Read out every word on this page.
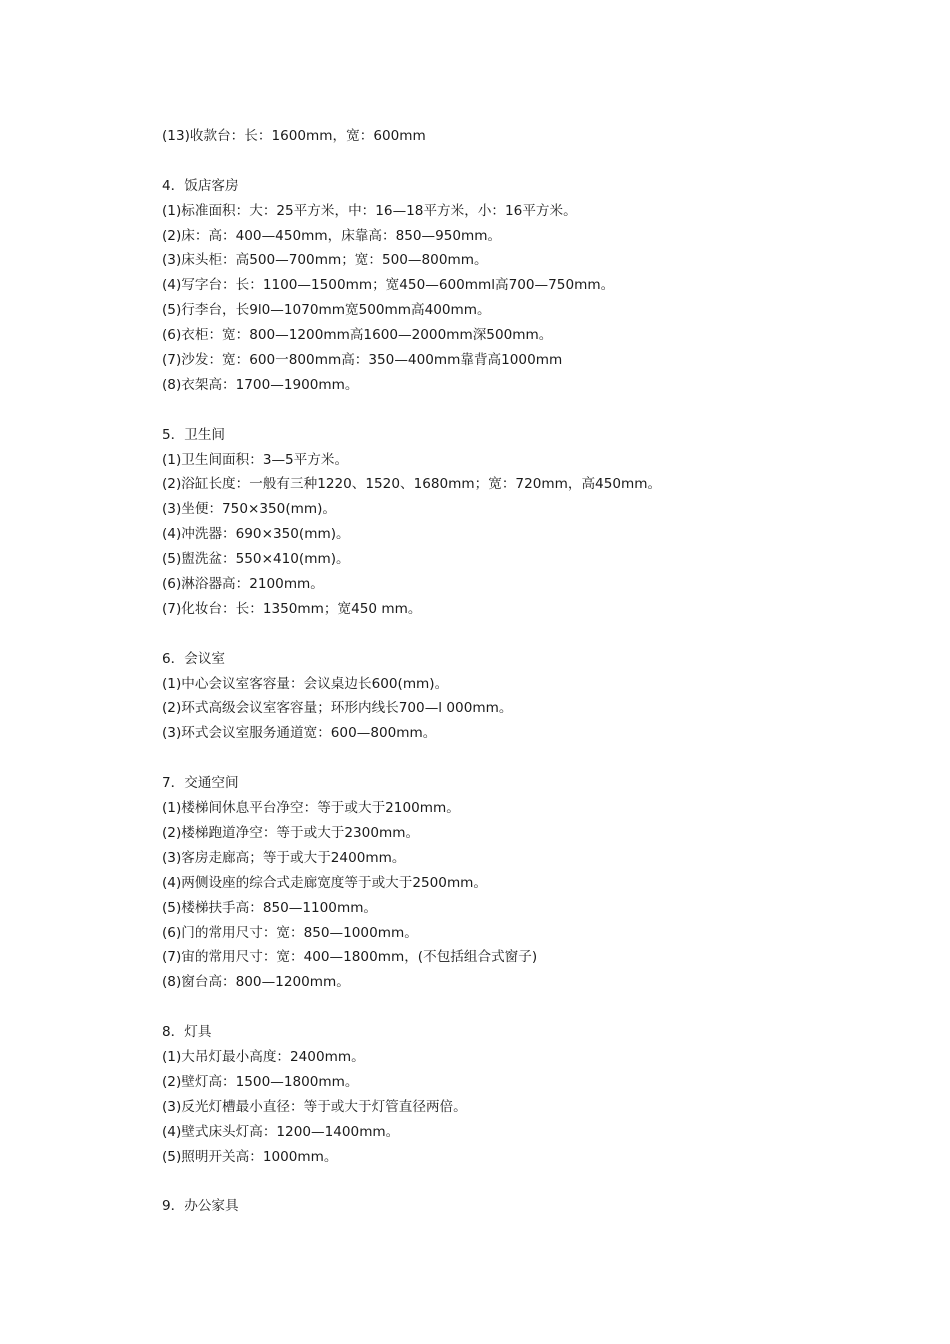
(13)收款台：长：1600mm，宽：600mm
4．饭店客房
(1)标准面积：大：25平方米，中：16—18平方米，小：16平方米。
(2)床：高：400—450mm，床靠高：850—950mm。
(3)床头柜：高500—700mm；宽：500—800mm。
(4)写字台：长：1100—1500mm；宽450—600mml高700—750mm。
(5)行李台，长9l0—1070mm宽500mm高400mm。
(6)衣柜：宽：800—1200mm高1600—2000mm深500mm。
(7)沙发：宽：600一800mm高：350—400mm靠背高1000mm
(8)衣架高：1700—1900mm。
5．卫生间
(1)卫生间面积：3—5平方米。
(2)浴缸长度：一般有三种1220、1520、1680mm；宽：720mm，高450mm。
(3)坐便：750×350(mm)。
(4)冲洗器：690×350(mm)。
(5)盥洗盆：550×410(mm)。
(6)淋浴器高：2100mm。
(7)化妆台：长：1350mm；宽450 mm。
6．会议室
(1)中心会议室客容量：会议桌边长600(mm)。
(2)环式高级会议室客容量；环形内线长700—l 000mm。
(3)环式会议室服务通道宽：600—800mm。
7．交通空间
(1)楼梯间休息平台净空：等于或大于2100mm。
(2)楼梯跑道净空：等于或大于2300mm。
(3)客房走廊高；等于或大于2400mm。
(4)两侧设座的综合式走廊宽度等于或大于2500mm。
(5)楼梯扶手高：850—1100mm。
(6)门的常用尺寸：宽：850—1000mm。
(7)宙的常用尺寸：宽：400—1800mm，(不包括组合式窗子)
(8)窗台高：800—1200mm。
8．灯具
(1)大吊灯最小高度：2400mm。
(2)壁灯高：1500—1800mm。
(3)反光灯槽最小直径：等于或大于灯管直径两倍。
(4)壁式床头灯高：1200—1400mm。
(5)照明开关高：1000mm。
9．办公家具
